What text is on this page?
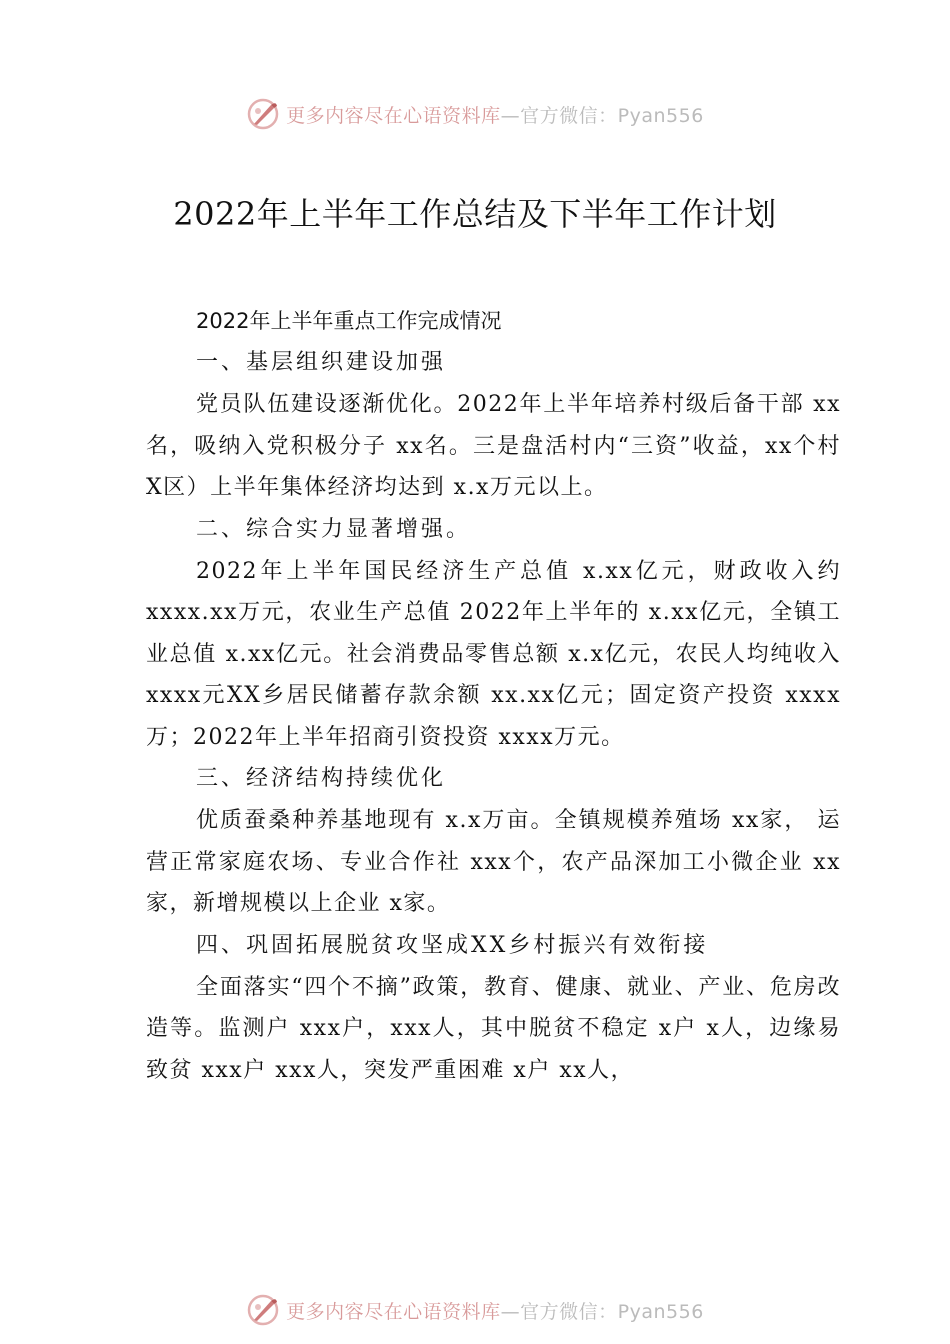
更多内容尽在心语资料库—官方微信：Pyan556
2022年上半年工作总结及下半年工作计划

2022年上半年重点工作完成情况

一、基层组织建设加强

党员队伍建设逐渐优化。2022年上半年培养村级后备干部 xx名，吸纳入党积极分子 xx名。三是盘活村内“三资”收益，xx个村 X区）上半年集体经济均达到 x.x万元以上。

二、综合实力显著增强。

2022年上半年国民经济生产总值 x.xx亿元，财政收入约 xxxx.xx万元，农业生产总值 2022年上半年的 x.xx亿元，全镇工业总值 x.xx亿元。社会消费品零售总额 x.x亿元，农民人均纯收入 xxxx元XX乡居民储蓄存款余额 xx.xx亿元；固定资产投资 xxxx万；2022年上半年招商引资投资 xxxx万元。

三、经济结构持续优化

优质蚕桑种养基地现有 x.x万亩。全镇规模养殖场 xx家， 运营正常家庭农场、专业合作社 xxx个，农产品深加工小微企业 xx家，新增规模以上企业 x家。

四、巩固拓展脱贫攻坚成XX乡村振兴有效衔接

全面落实“四个不摘”政策，教育、健康、就业、产业、危房改造等。监测户 xxx户，xxx人，其中脱贫不稳定 x户 x人，边缘易致贫 xxx户 xxx人，突发严重困难 x户 xx人，

更多内容尽在心语资料库—官方微信：Pyan556
